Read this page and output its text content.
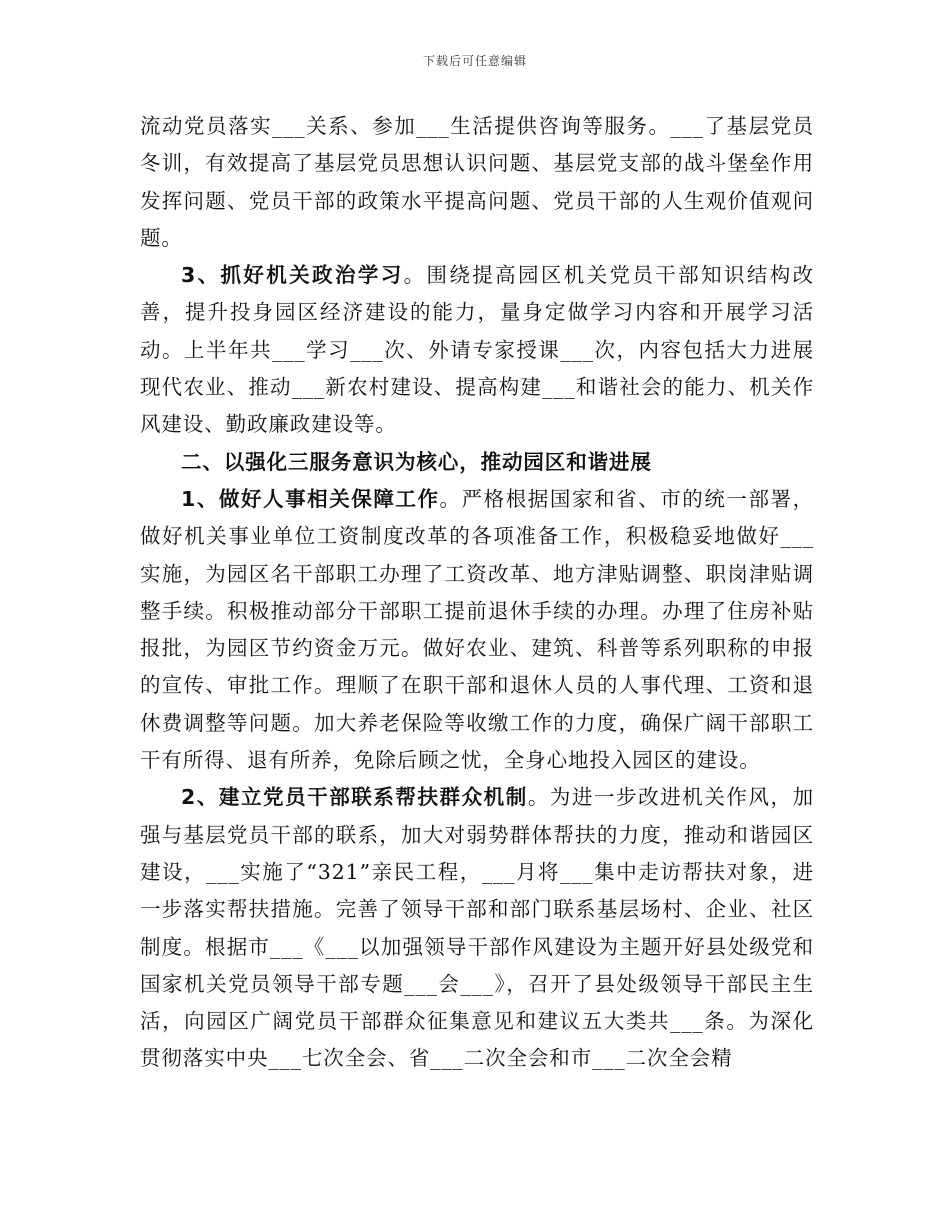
下载后可任意编辑

流动党员落实___关系、参加___生活提供咨询等服务。___了基层党员冬训，有效提高了基层党员思想认识问题、基层党支部的战斗堡垒作用发挥问题、党员干部的政策水平提高问题、党员干部的人生观价值观问题。

3、抓好机关政治学习。围绕提高园区机关党员干部知识结构改善，提升投身园区经济建设的能力，量身定做学习内容和开展学习活动。上半年共___学习___次、外请专家授课___次，内容包括大力进展现代农业、推动___新农村建设、提高构建___和谐社会的能力、机关作风建设、勤政廉政建设等。

二、以强化三服务意识为核心，推动园区和谐进展

1、做好人事相关保障工作。严格根据国家和省、市的统一部署，做好机关事业单位工资制度改革的各项准备工作，积极稳妥地做好___实施，为园区名干部职工办理了工资改革、地方津贴调整、职岗津贴调整手续。积极推动部分干部职工提前退休手续的办理。办理了住房补贴报批，为园区节约资金万元。做好农业、建筑、科普等系列职称的申报的宣传、审批工作。理顺了在职干部和退休人员的人事代理、工资和退休费调整等问题。加大养老保险等收缴工作的力度，确保广阔干部职工干有所得、退有所养，免除后顾之忧，全身心地投入园区的建设。

2、建立党员干部联系帮扶群众机制。为进一步改进机关作风，加强与基层党员干部的联系，加大对弱势群体帮扶的力度，推动和谐园区建设，___实施了“321”亲民工程，___月将___集中走访帮扶对象，进一步落实帮扶措施。完善了领导干部和部门联系基层场村、企业、社区制度。根据市___《___以加强领导干部作风建设为主题开好县处级党和国家机关党员领导干部专题___会___》，召开了县处级领导干部民主生活，向园区广阔党员干部群众征集意见和建议五大类共___条。为深化贯彻落实中央___七次全会、省___二次全会和市___二次全会精
